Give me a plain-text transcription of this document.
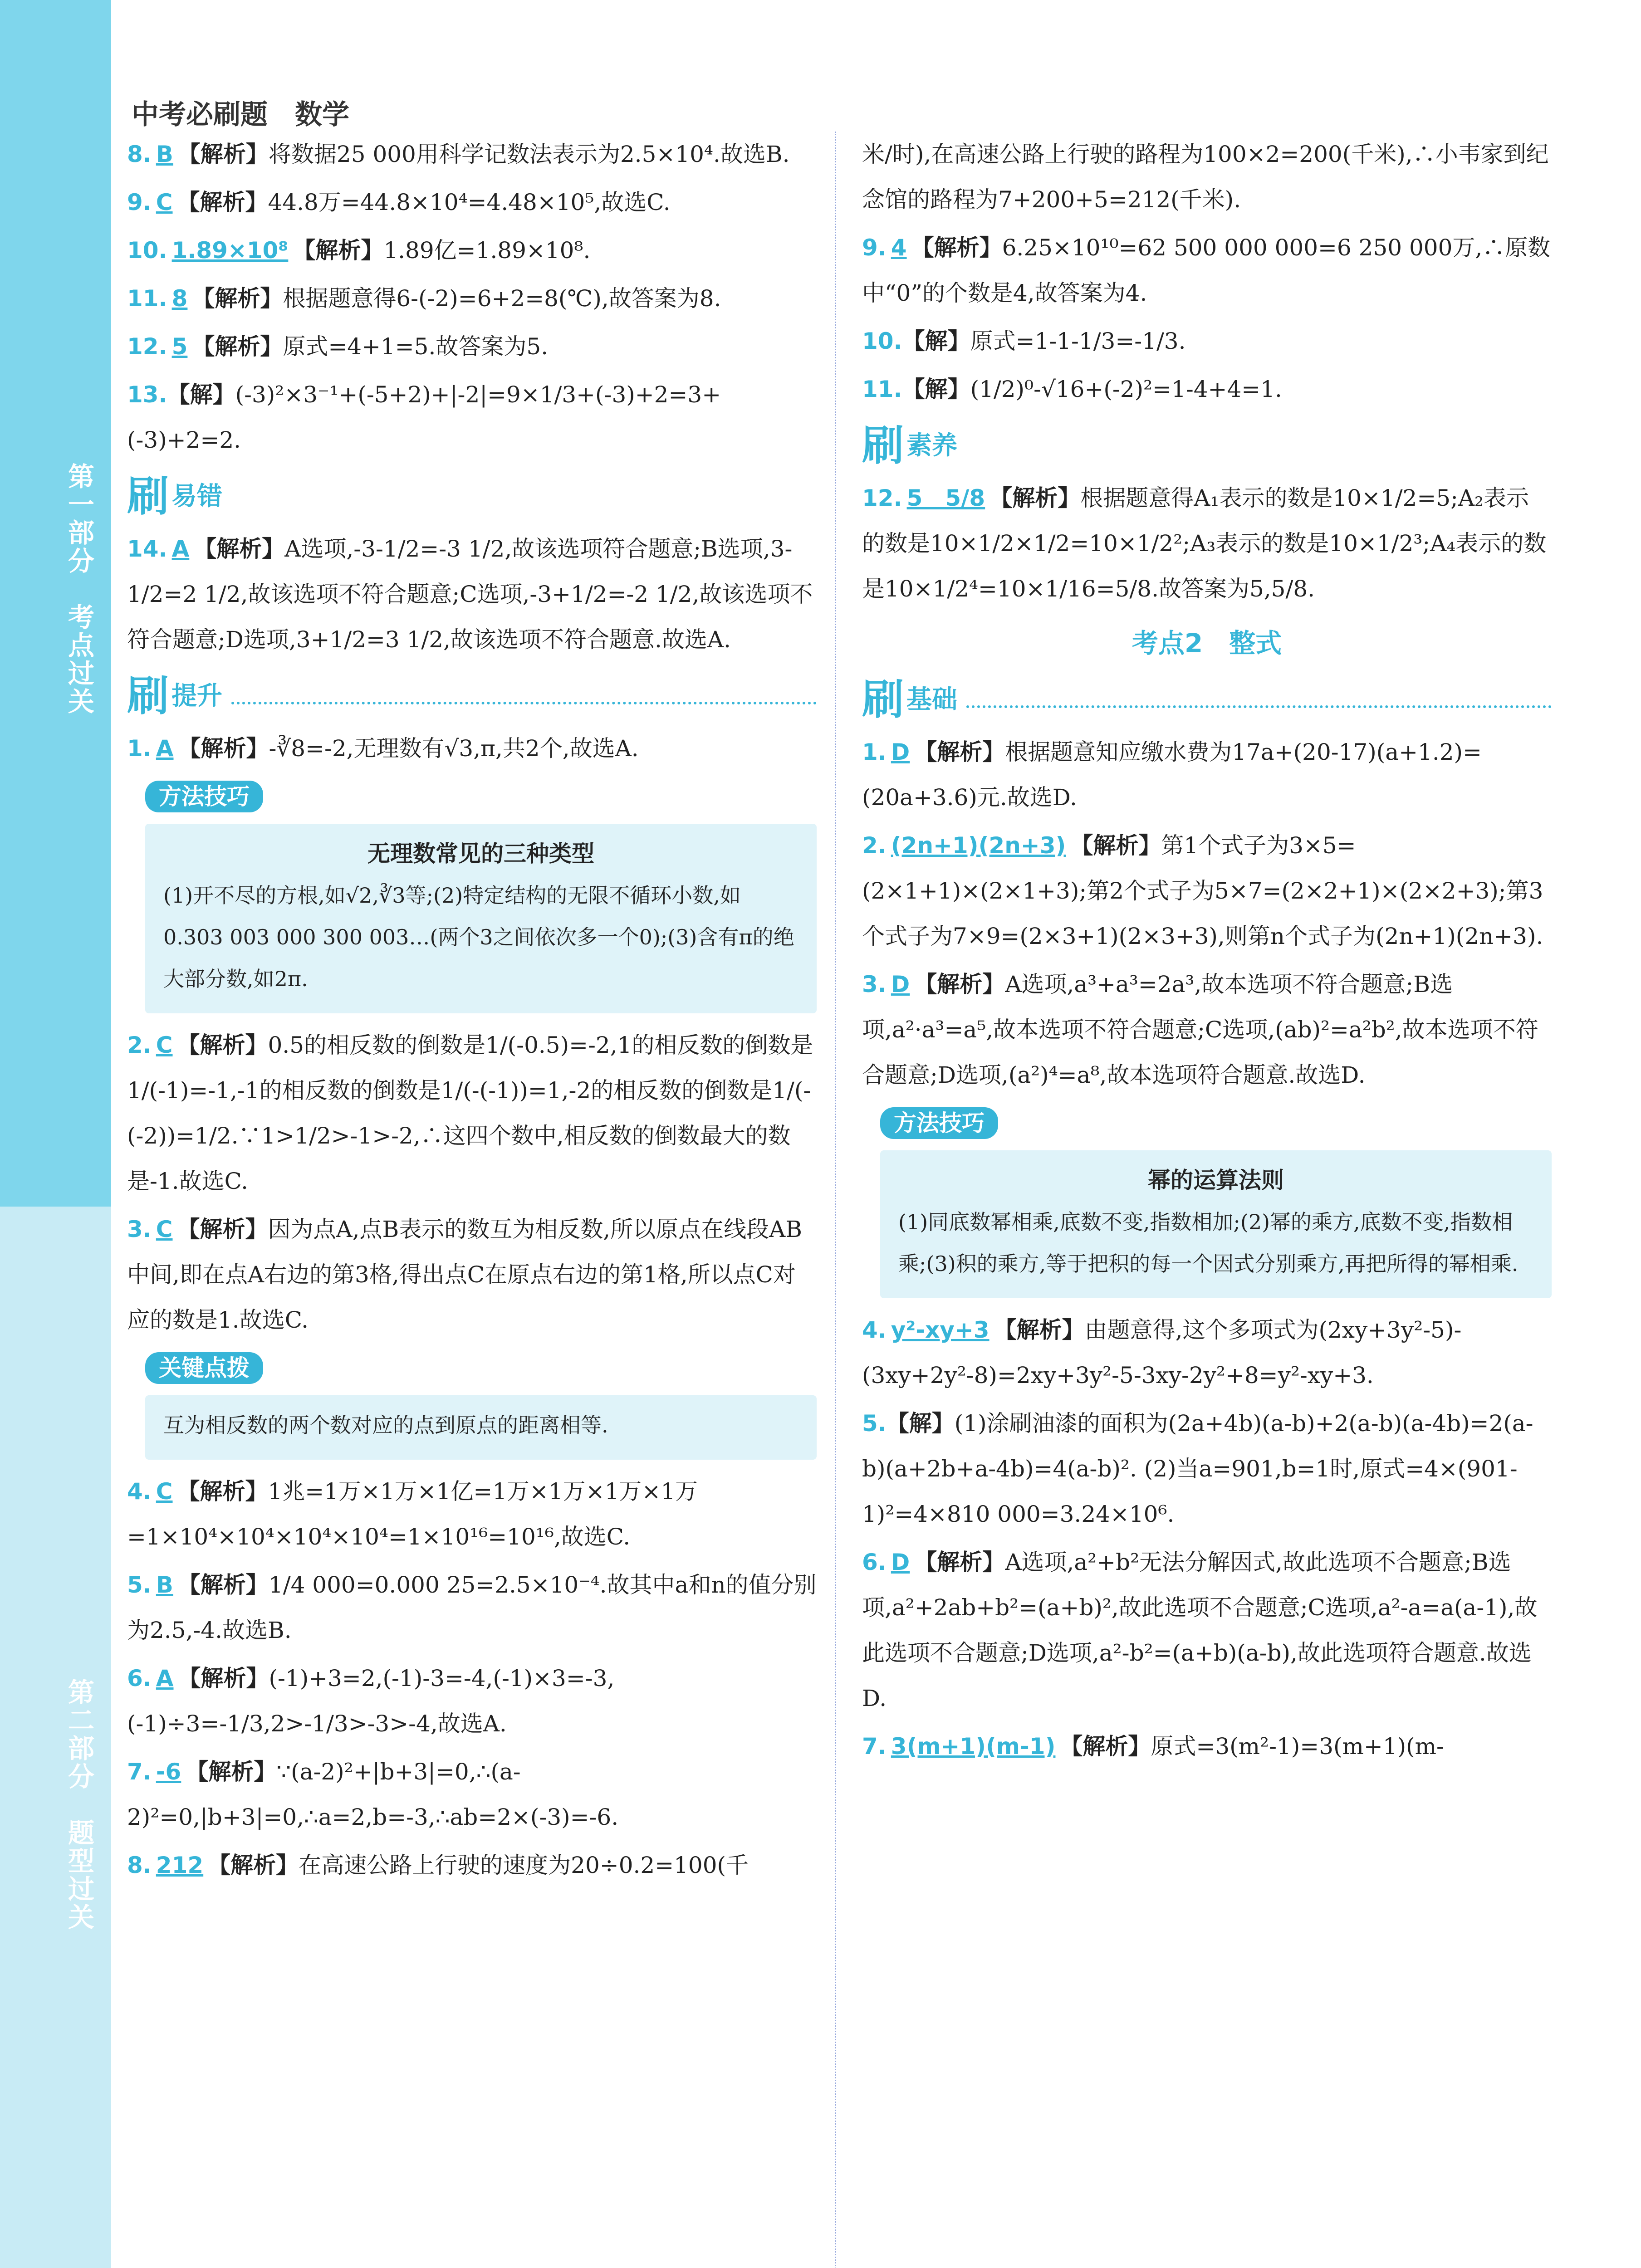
第一部分　考点过关
第二部分　题型过关
中考必刷题　数学
8. B 【解析】将数据25 000用科学记数法表示为2.5×10⁴.故选B.
9. C 【解析】44.8万=44.8×10⁴=4.48×10⁵,故选C.
10. 1.89×10⁸ 【解析】1.89亿=1.89×10⁸.
11. 8 【解析】根据题意得6-(-2)=6+2=8(℃),故答案为8.
12. 5 【解析】原式=4+1=5.故答案为5.
13.【解】(-3)²×3⁻¹+(-5+2)+|-2|=9×1/3+(-3)+2=3+(-3)+2=2.
刷 易错
14. A 【解析】A选项,-3-1/2=-3 1/2,故该选项符合题意;B选项,3-1/2=2 1/2,故该选项不符合题意;C选项,-3+1/2=-2 1/2,故该选项不符合题意;D选项,3+1/2=3 1/2,故该选项不符合题意.故选A.
刷 提升
1. A 【解析】-∛8=-2,无理数有√3,π,共2个,故选A.
方法技巧
无理数常见的三种类型
(1)开不尽的方根,如√2,∛3等;(2)特定结构的无限不循环小数,如0.303 003 000 300 003…(两个3之间依次多一个0);(3)含有π的绝大部分数,如2π.
2. C 【解析】0.5的相反数的倒数是1/(-0.5)=-2,1的相反数的倒数是1/(-1)=-1,-1的相反数的倒数是1/(-(-1))=1,-2的相反数的倒数是1/(-(-2))=1/2.∵1>1/2>-1>-2,∴这四个数中,相反数的倒数最大的数是-1.故选C.
3. C 【解析】因为点A,点B表示的数互为相反数,所以原点在线段AB中间,即在点A右边的第3格,得出点C在原点右边的第1格,所以点C对应的数是1.故选C.
关键点拨
互为相反数的两个数对应的点到原点的距离相等.
4. C 【解析】1兆=1万×1万×1亿=1万×1万×1万×1万=1×10⁴×10⁴×10⁴×10⁴=1×10¹⁶=10¹⁶,故选C.
5. B 【解析】1/4 000=0.000 25=2.5×10⁻⁴.故其中a和n的值分别为2.5,-4.故选B.
6. A 【解析】(-1)+3=2,(-1)-3=-4,(-1)×3=-3,(-1)÷3=-1/3,2>-1/3>-3>-4,故选A.
7. -6 【解析】∵(a-2)²+|b+3|=0,∴(a-2)²=0,|b+3|=0,∴a=2,b=-3,∴ab=2×(-3)=-6.
8. 212 【解析】在高速公路上行驶的速度为20÷0.2=100(千
米/时),在高速公路上行驶的路程为100×2=200(千米),∴小韦家到纪念馆的路程为7+200+5=212(千米).
9. 4 【解析】6.25×10¹⁰=62 500 000 000=6 250 000万,∴原数中“0”的个数是4,故答案为4.
10.【解】原式=1-1-1/3=-1/3.
11.【解】(1/2)⁰-√16+(-2)²=1-4+4=1.
刷 素养
12. 5　5/8 【解析】根据题意得A₁表示的数是10×1/2=5;A₂表示的数是10×1/2×1/2=10×1/2²;A₃表示的数是10×1/2³;A₄表示的数是10×1/2⁴=10×1/16=5/8.故答案为5,5/8.
考点2　整式
刷 基础
1. D 【解析】根据题意知应缴水费为17a+(20-17)(a+1.2)=(20a+3.6)元.故选D.
2. (2n+1)(2n+3) 【解析】第1个式子为3×5=(2×1+1)×(2×1+3);第2个式子为5×7=(2×2+1)×(2×2+3);第3个式子为7×9=(2×3+1)(2×3+3),则第n个式子为(2n+1)(2n+3).
3. D 【解析】A选项,a³+a³=2a³,故本选项不符合题意;B选项,a²·a³=a⁵,故本选项不符合题意;C选项,(ab)²=a²b²,故本选项不符合题意;D选项,(a²)⁴=a⁸,故本选项符合题意.故选D.
方法技巧
幂的运算法则
(1)同底数幂相乘,底数不变,指数相加;(2)幂的乘方,底数不变,指数相乘;(3)积的乘方,等于把积的每一个因式分别乘方,再把所得的幂相乘.
4. y²-xy+3 【解析】由题意得,这个多项式为(2xy+3y²-5)-(3xy+2y²-8)=2xy+3y²-5-3xy-2y²+8=y²-xy+3.
5.【解】(1)涂刷油漆的面积为(2a+4b)(a-b)+2(a-b)(a-4b)=2(a-b)(a+2b+a-4b)=4(a-b)². (2)当a=901,b=1时,原式=4×(901-1)²=4×810 000=3.24×10⁶.
6. D 【解析】A选项,a²+b²无法分解因式,故此选项不合题意;B选项,a²+2ab+b²=(a+b)²,故此选项不合题意;C选项,a²-a=a(a-1),故此选项不合题意;D选项,a²-b²=(a+b)(a-b),故此选项符合题意.故选D.
7. 3(m+1)(m-1) 【解析】原式=3(m²-1)=3(m+1)(m-
